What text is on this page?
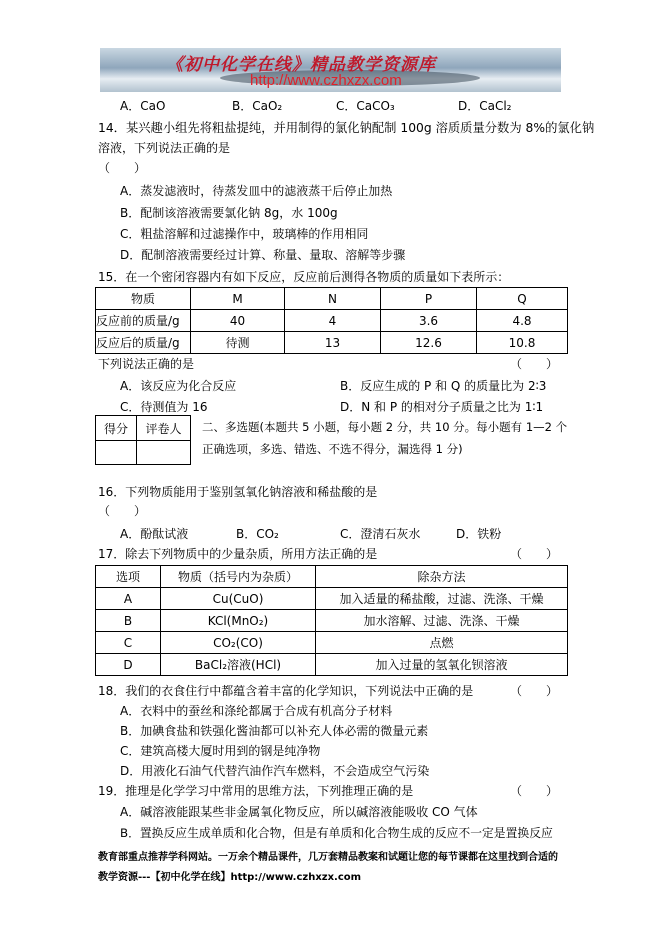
《初中化学在线》精品教学资源库
http://www.czhxzx.com
A．CaO	B．CaO₂	C．CaCO₃	D．CaCl₂
14．某兴趣小组先将粗盐提纯，并用制得的氯化钠配制 100g 溶质质量分数为 8%的氯化钠
溶液，下列说法正确的是
（　　）
A．蒸发滤液时，待蒸发皿中的滤液蒸干后停止加热
B．配制该溶液需要氯化钠 8g，水 100g
C．粗盐溶解和过滤操作中，玻璃棒的作用相同
D．配制溶液需要经过计算、称量、量取、溶解等步骤
15．在一个密闭容器内有如下反应，反应前后测得各物质的质量如下表所示：
物质	M	N	P	Q
反应前的质量/g	40	4	3.6	4.8
反应后的质量/g	待测	13	12.6	10.8
下列说法正确的是	（　　）
A．该反应为化合反应	B．反应生成的 P 和 Q 的质量比为 2∶3
C．待测值为 16	D．N 和 P 的相对分子质量之比为 1∶1
得分	评卷人
	二、多选题(本题共 5 小题，每小题 2 分，共 10 分。每小题有 1—2 个
正确选项，多选、错选、不选不得分，漏选得 1 分)
16．下列物质能用于鉴别氢氧化钠溶液和稀盐酸的是
（　　）
A．酚酞试液	B．CO₂	C．澄清石灰水	D．铁粉
17．除去下列物质中的少量杂质，所用方法正确的是	（　　）
选项	物质（括号内为杂质）	除杂方法
A	Cu(CuO)	加入适量的稀盐酸，过滤、洗涤、干燥
B	KCl(MnO₂)	加水溶解、过滤、洗涤、干燥
C	CO₂(CO)	点燃
D	BaCl₂溶液(HCl)	加入过量的氢氧化钡溶液
18．我们的衣食住行中都蕴含着丰富的化学知识，下列说法中正确的是	（　　）
A．衣料中的蚕丝和涤纶都属于合成有机高分子材料
B．加碘食盐和铁强化酱油都可以补充人体必需的微量元素
C．建筑高楼大厦时用到的钢是纯净物
D．用液化石油气代替汽油作汽车燃料，不会造成空气污染
19．推理是化学学习中常用的思维方法，下列推理正确的是	（　　）
A．碱溶液能跟某些非金属氧化物反应，所以碱溶液能吸收 CO 气体
B．置换反应生成单质和化合物，但是有单质和化合物生成的反应不一定是置换反应
教育部重点推荐学科网站。一万余个精品课件，几万套精品教案和试题让您的每节课都在这里找到合适的
教学资源---【初中化学在线】http://www.czhxzx.com
